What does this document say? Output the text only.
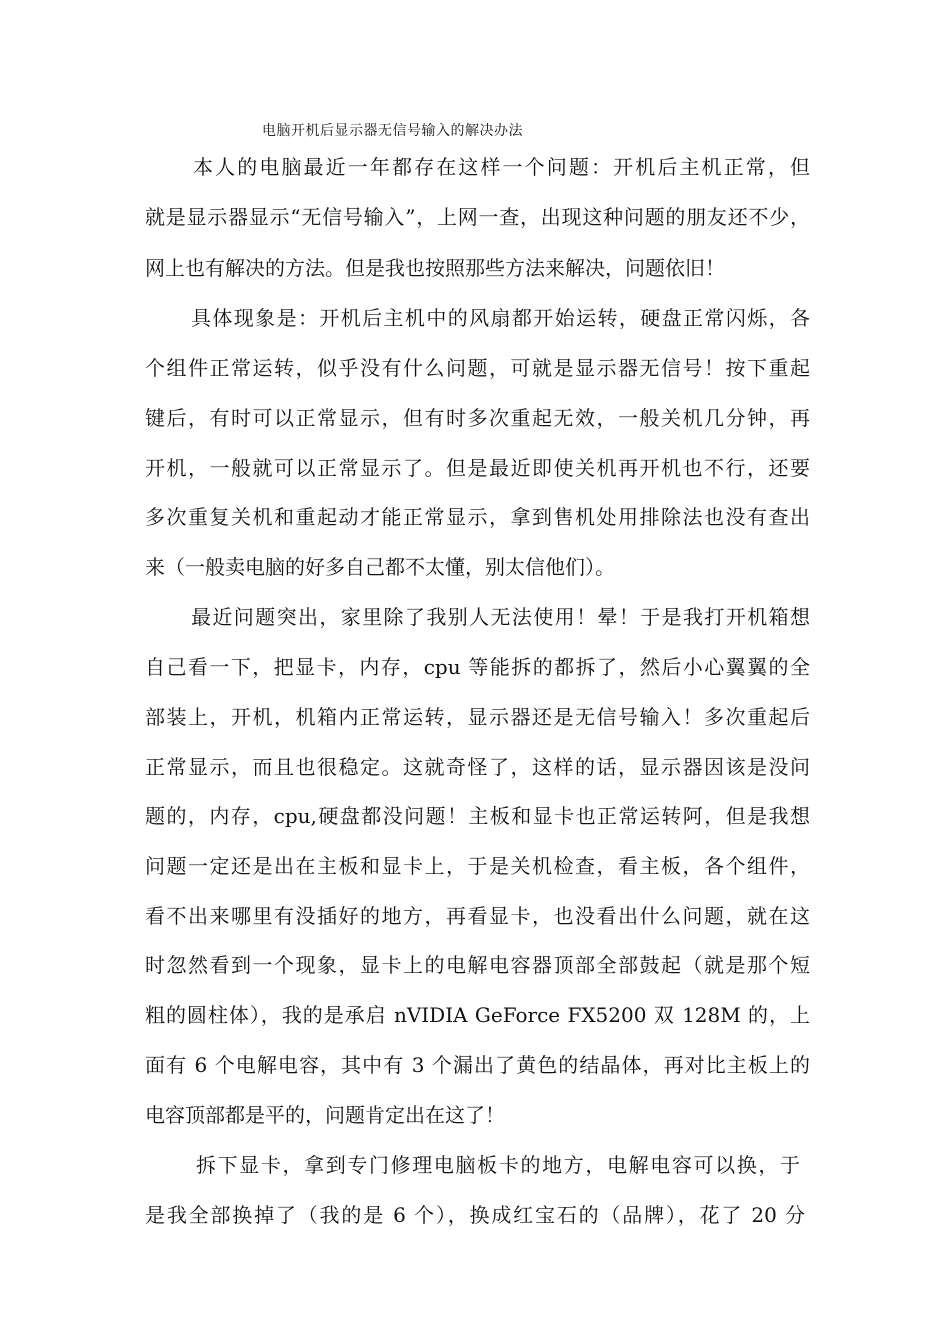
电脑开机后显示器无信号输入的解决办法
本人的电脑最近一年都存在这样一个问题：开机后主机正常，但
就是显示器显示“无信号输入”，上网一查，出现这种问题的朋友还不少，
网上也有解决的方法。但是我也按照那些方法来解决，问题依旧！
具体现象是：开机后主机中的风扇都开始运转，硬盘正常闪烁，各
个组件正常运转，似乎没有什么问题，可就是显示器无信号！按下重起
键后，有时可以正常显示，但有时多次重起无效，一般关机几分钟，再
开机，一般就可以正常显示了。但是最近即使关机再开机也不行，还要
多次重复关机和重起动才能正常显示，拿到售机处用排除法也没有查出
来（一般卖电脑的好多自己都不太懂，别太信他们）。
最近问题突出，家里除了我别人无法使用！晕！于是我打开机箱想
自己看一下，把显卡，内存，cpu 等能拆的都拆了，然后小心翼翼的全
部装上，开机，机箱内正常运转，显示器还是无信号输入！多次重起后
正常显示，而且也很稳定。这就奇怪了，这样的话，显示器因该是没问
题的，内存，cpu,硬盘都没问题！主板和显卡也正常运转阿，但是我想
问题一定还是出在主板和显卡上，于是关机检查，看主板，各个组件，
看不出来哪里有没插好的地方，再看显卡，也没看出什么问题，就在这
时忽然看到一个现象，显卡上的电解电容器顶部全部鼓起（就是那个短
粗的圆柱体），我的是承启 nVIDIA GeForce FX5200 双 128M 的，上
面有 6 个电解电容，其中有 3 个漏出了黄色的结晶体，再对比主板上的
电容顶部都是平的，问题肯定出在这了！
拆下显卡，拿到专门修理电脑板卡的地方，电解电容可以换，于
是我全部换掉了（我的是 6 个），换成红宝石的（品牌），花了 20 分
